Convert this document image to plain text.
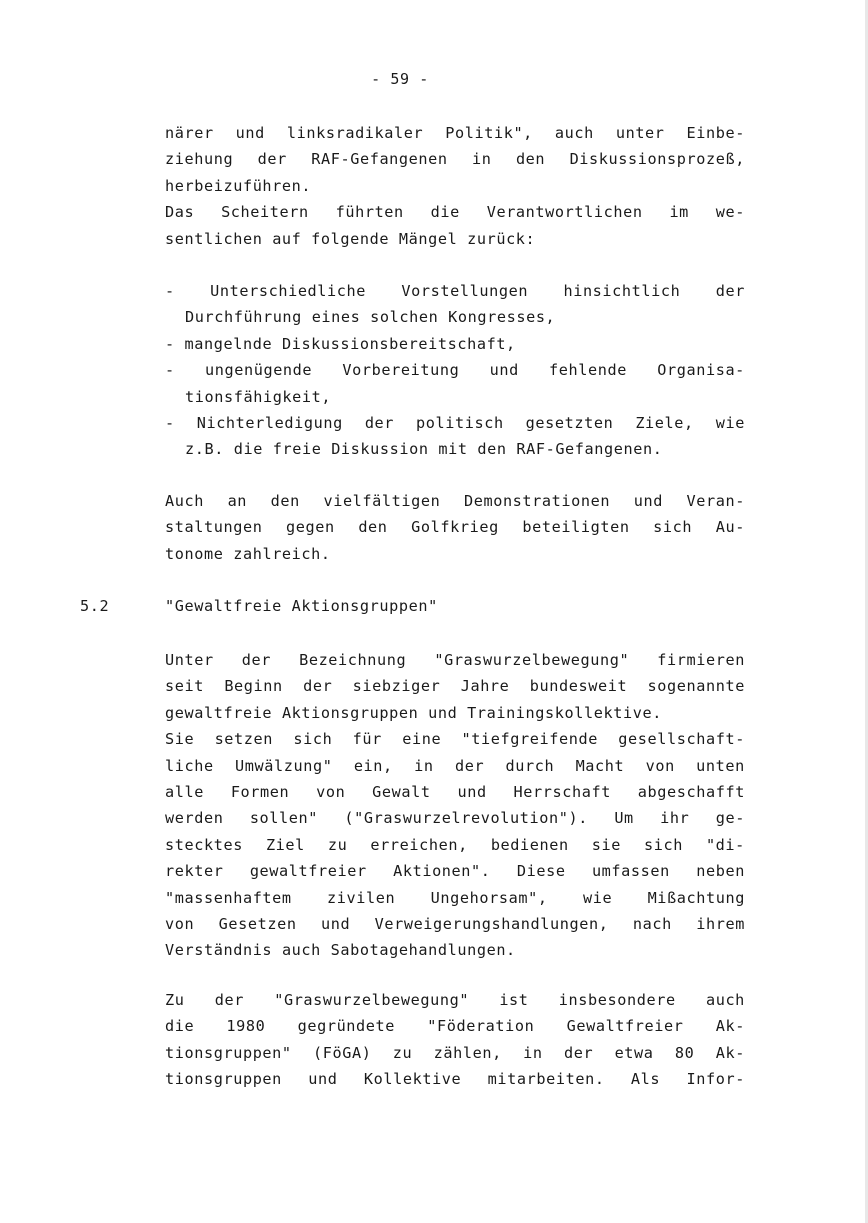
- 59 -
närer und linksradikaler Politik", auch unter Einbe-
ziehung der RAF-Gefangenen in den Diskussionsprozeß,
herbeizuführen.
Das Scheitern führten die Verantwortlichen im we-
sentlichen auf folgende Mängel zurück:
- Unterschiedliche Vorstellungen hinsichtlich der
Durchführung eines solchen Kongresses,
- mangelnde Diskussionsbereitschaft,
- ungenügende Vorbereitung und fehlende Organisa-
tionsfähigkeit,
- Nichterledigung der politisch gesetzten Ziele, wie
z.B. die freie Diskussion mit den RAF-Gefangenen.
Auch an den vielfältigen Demonstrationen und Veran-
staltungen gegen den Golfkrieg beteiligten sich Au-
tonome zahlreich.
5.2	"Gewaltfreie Aktionsgruppen"
Unter der Bezeichnung "Graswurzelbewegung" firmieren
seit Beginn der siebziger Jahre bundesweit sogenannte
gewaltfreie Aktionsgruppen und Trainingskollektive.
Sie setzen sich für eine "tiefgreifende gesellschaft-
liche Umwälzung" ein, in der durch Macht von unten
alle Formen von Gewalt und Herrschaft abgeschafft
werden sollen" ("Graswurzelrevolution"). Um ihr ge-
stecktes Ziel zu erreichen, bedienen sie sich "di-
rekter gewaltfreier Aktionen". Diese umfassen neben
"massenhaftem zivilen Ungehorsam", wie Mißachtung
von Gesetzen und Verweigerungshandlungen, nach ihrem
Verständnis auch Sabotagehandlungen.
Zu der "Graswurzelbewegung" ist insbesondere auch
die 1980 gegründete "Föderation Gewaltfreier Ak-
tionsgruppen" (FöGA) zu zählen, in der etwa 80 Ak-
tionsgruppen und Kollektive mitarbeiten. Als Infor-
